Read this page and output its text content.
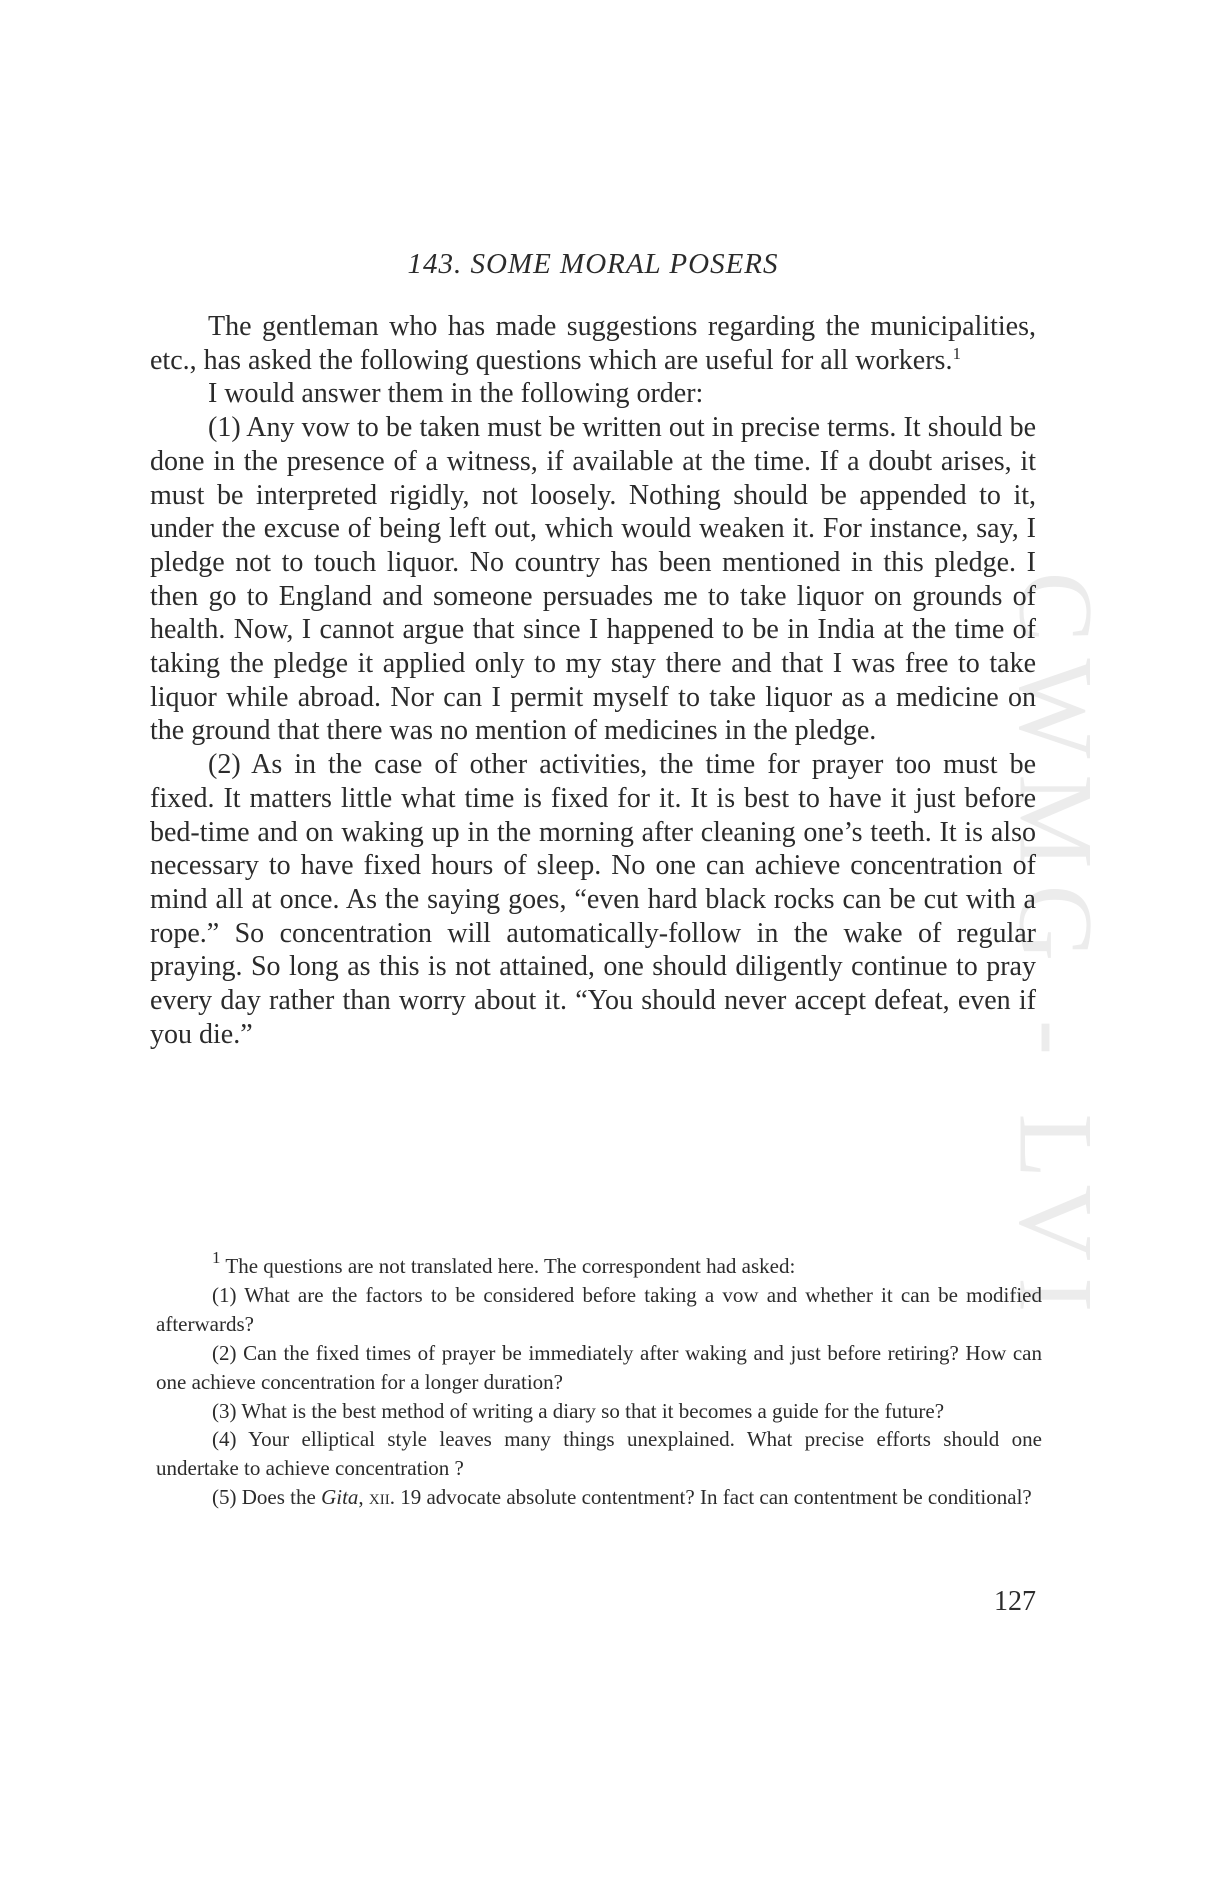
CWMG - LVI
143. SOME MORAL POSERS

The gentleman who has made suggestions regarding the municipalities, etc., has asked the following questions which are useful for all workers.$^1$

I would answer them in the following order:

(1) Any vow to be taken must be written out in precise terms. It should be done in the presence of a witness, if available at the time. If a doubt arises, it must be interpreted rigidly, not loosely. Nothing should be appended to it, under the excuse of being left out, which would weaken it. For instance, say, I pledge not to touch liquor. No country has been mentioned in this pledge. I then go to England and someone persuades me to take liquor on grounds of health. Now, I cannot argue that since I happened to be in India at the time of taking the pledge it applied only to my stay there and that I was free to take liquor while abroad. Nor can I permit myself to take liquor as a medicine on the ground that there was no mention of medicines in the pledge.

(2) As in the case of other activities, the time for prayer too must be fixed. It matters little what time is fixed for it. It is best to have it just before bed-time and on waking up in the morning after cleaning one’s teeth. It is also necessary to have fixed hours of sleep. No one can achieve concentration of mind all at once. As the saying goes, “even hard black rocks can be cut with a rope.” So concentration will automatically-follow in the wake of regular praying. So long as this is not attained, one should diligently continue to pray every day rather than worry about it. “You should never accept defeat, even if you die.”

$^1$ The questions are not translated here. The correspondent had asked:

(1) What are the factors to be considered before taking a vow and whether it can be modified afterwards?

(2) Can the fixed times of prayer be immediately after waking and just before retiring? How can one achieve concentration for a longer duration?

(3) What is the best method of writing a diary so that it becomes a guide for the future?

(4) Your elliptical style leaves many things unexplained. What precise efforts should one undertake to achieve concentration ?

(5) Does the Gita, xii. 19 advocate absolute contentment? In fact can contentment be conditional?

127
